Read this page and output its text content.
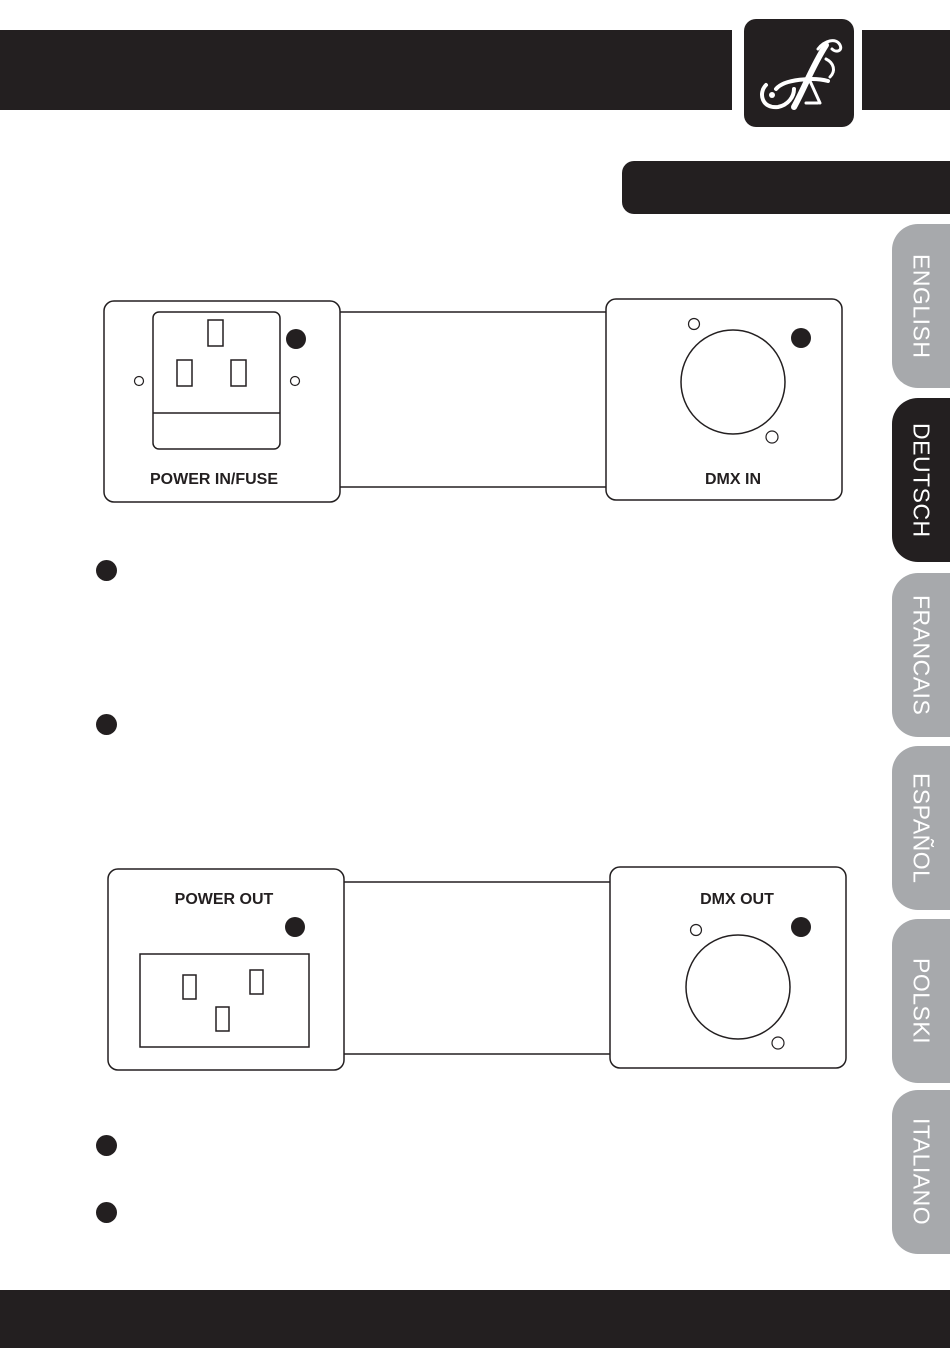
POWER IN/FUSE	DMX IN
POWER OUT	DMX OUT
ENGLISH
DEUTSCH
FRANCAIS
ESPAÑOL
POLSKI
ITALIANO
